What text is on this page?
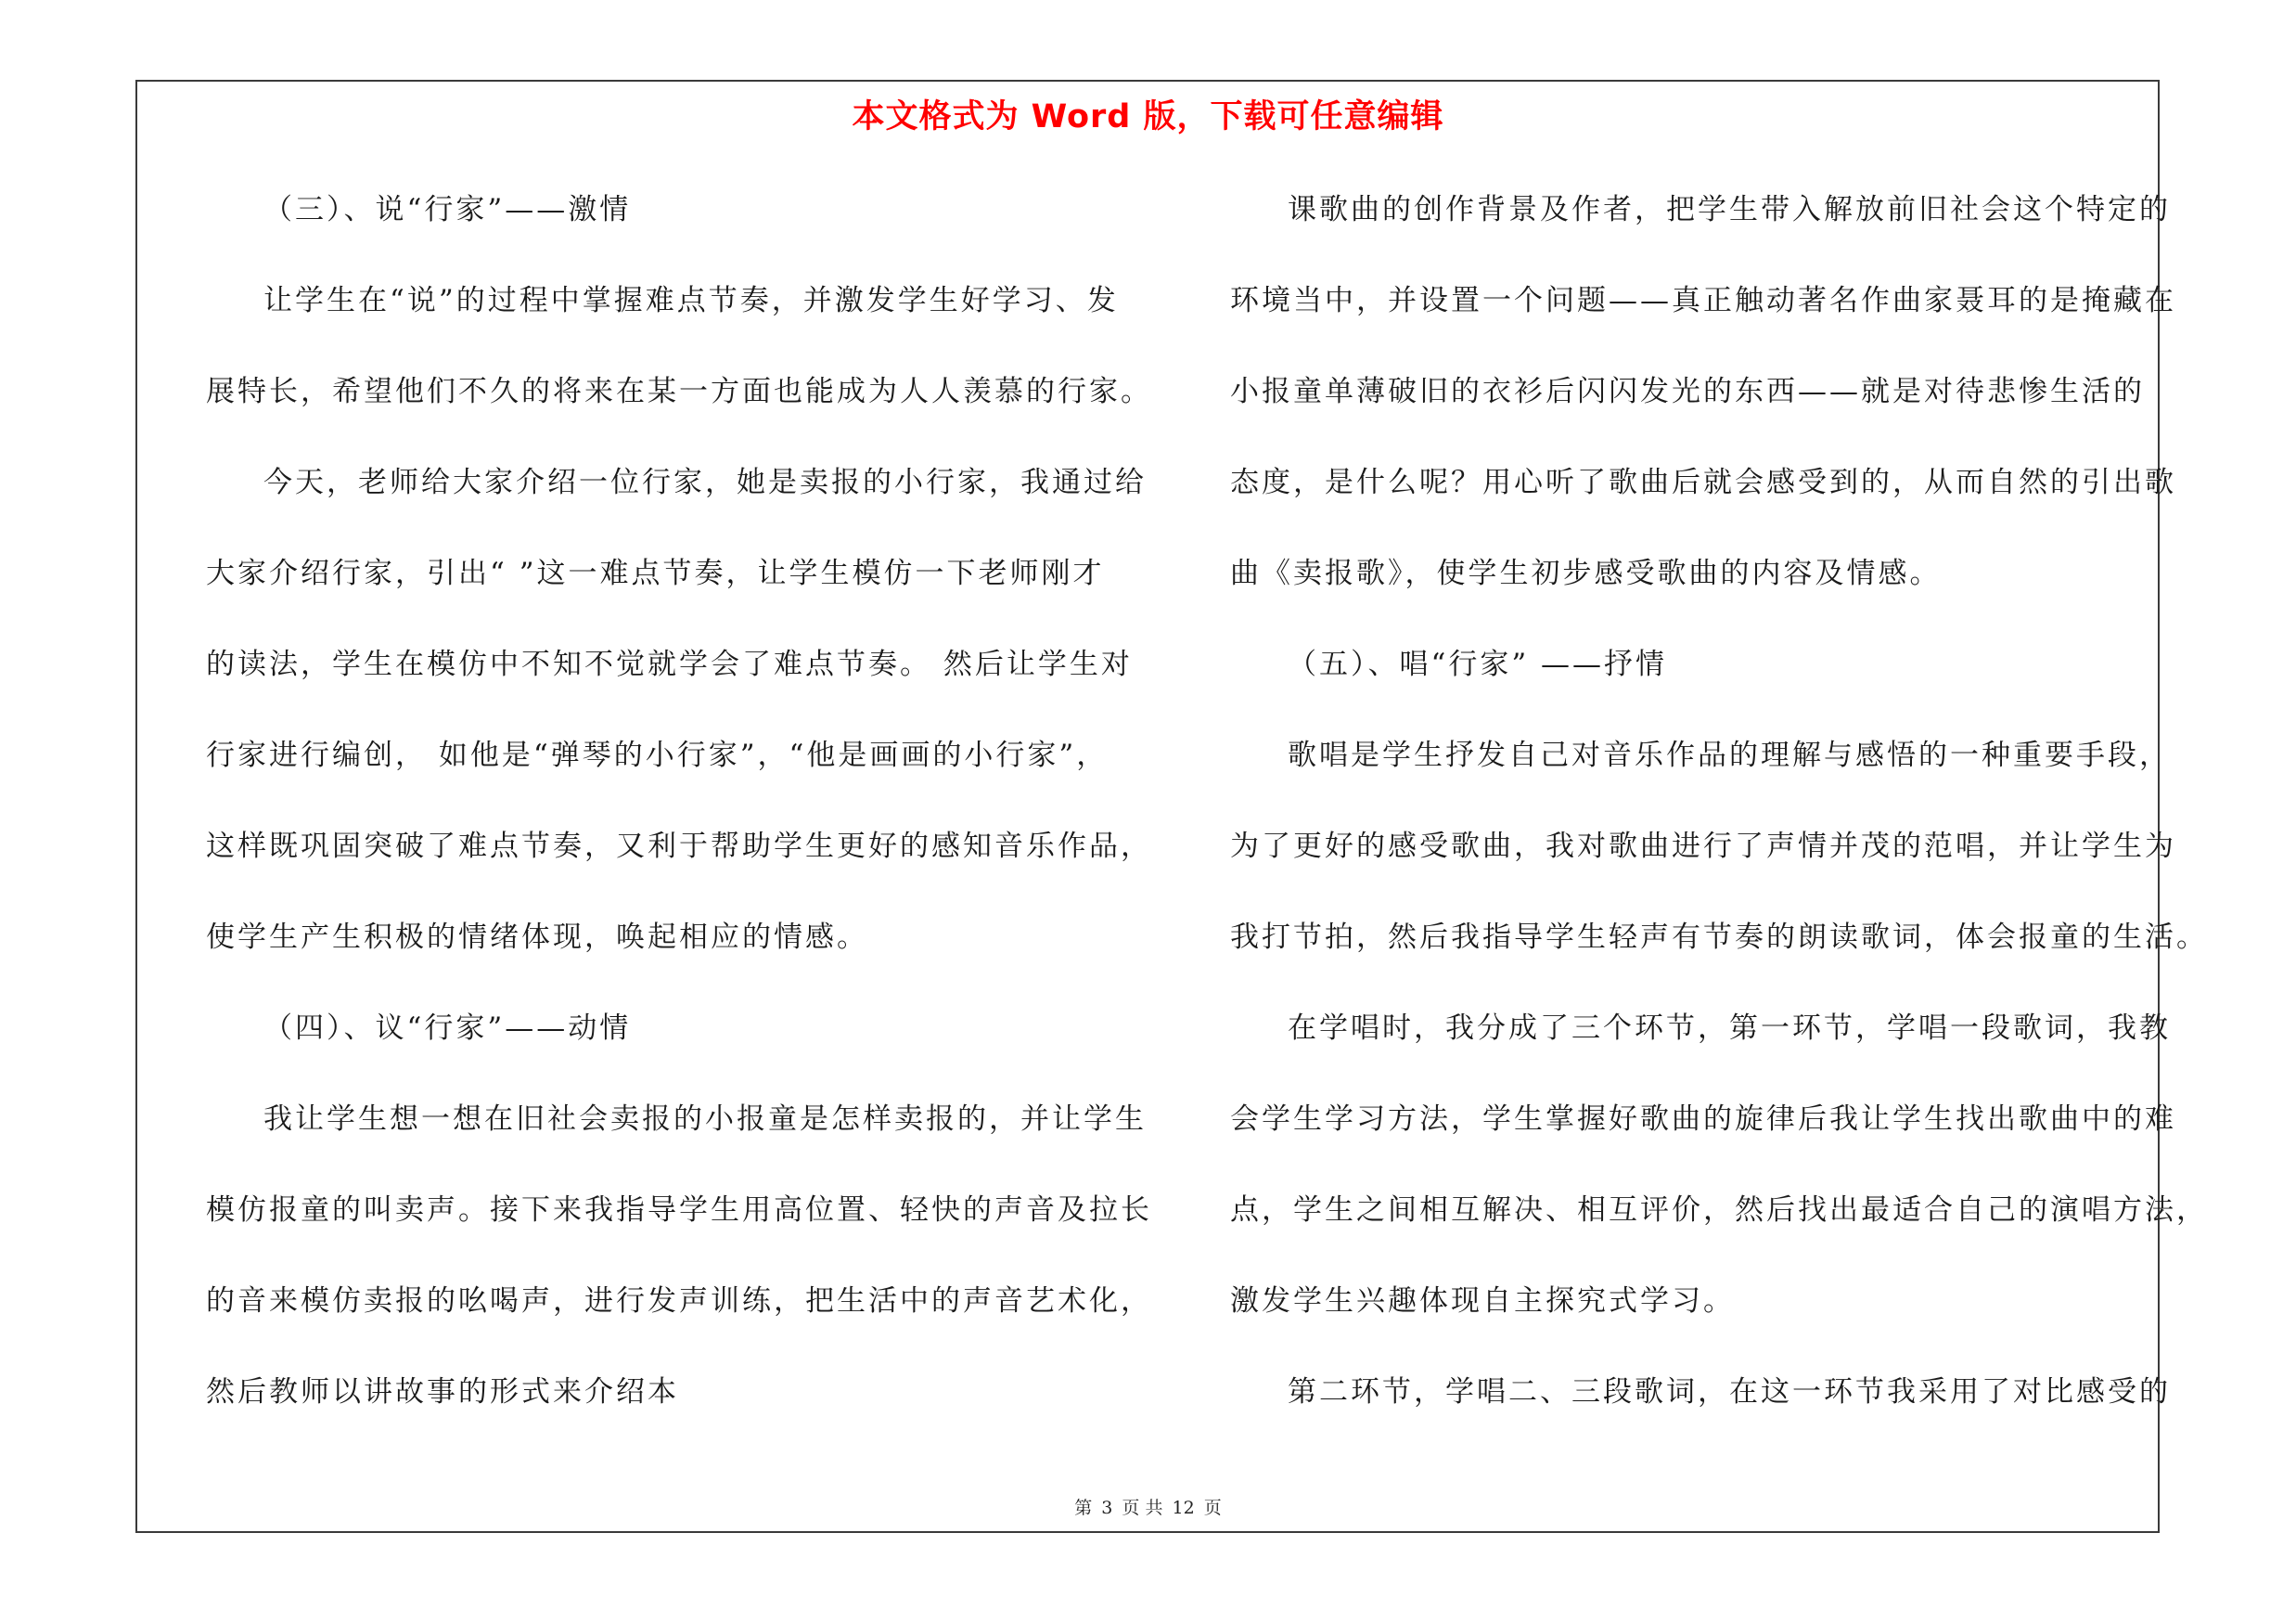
本文格式为 Word 版，下载可任意编辑
（三）、说“行家”——激情
让学生在“说”的过程中掌握难点节奏，并激发学生好学习、发
展特长，希望他们不久的将来在某一方面也能成为人人羡慕的行家。
今天，老师给大家介绍一位行家，她是卖报的小行家，我通过给
大家介绍行家，引出“ ”这一难点节奏，让学生模仿一下老师刚才
的读法，学生在模仿中不知不觉就学会了难点节奏。 然后让学生对
行家进行编创， 如他是“弹琴的小行家”，“他是画画的小行家”，
这样既巩固突破了难点节奏，又利于帮助学生更好的感知音乐作品，
使学生产生积极的情绪体现，唤起相应的情感。
（四）、议“行家”——动情
我让学生想一想在旧社会卖报的小报童是怎样卖报的，并让学生
模仿报童的叫卖声。接下来我指导学生用高位置、轻快的声音及拉长
的音来模仿卖报的吆喝声，进行发声训练，把生活中的声音艺术化，
然后教师以讲故事的形式来介绍本
课歌曲的创作背景及作者，把学生带入解放前旧社会这个特定的
环境当中，并设置一个问题——真正触动著名作曲家聂耳的是掩藏在
小报童单薄破旧的衣衫后闪闪发光的东西——就是对待悲惨生活的
态度，是什么呢？用心听了歌曲后就会感受到的，从而自然的引出歌
曲《卖报歌》，使学生初步感受歌曲的内容及情感。
（五）、唱“行家” ——抒情
歌唱是学生抒发自己对音乐作品的理解与感悟的一种重要手段，
为了更好的感受歌曲，我对歌曲进行了声情并茂的范唱，并让学生为
我打节拍，然后我指导学生轻声有节奏的朗读歌词，体会报童的生活。
在学唱时，我分成了三个环节，第一环节，学唱一段歌词，我教
会学生学习方法，学生掌握好歌曲的旋律后我让学生找出歌曲中的难
点，学生之间相互解决、相互评价，然后找出最适合自己的演唱方法，
激发学生兴趣体现自主探究式学习。
第二环节，学唱二、三段歌词，在这一环节我采用了对比感受的
第 3 页 共 12 页
